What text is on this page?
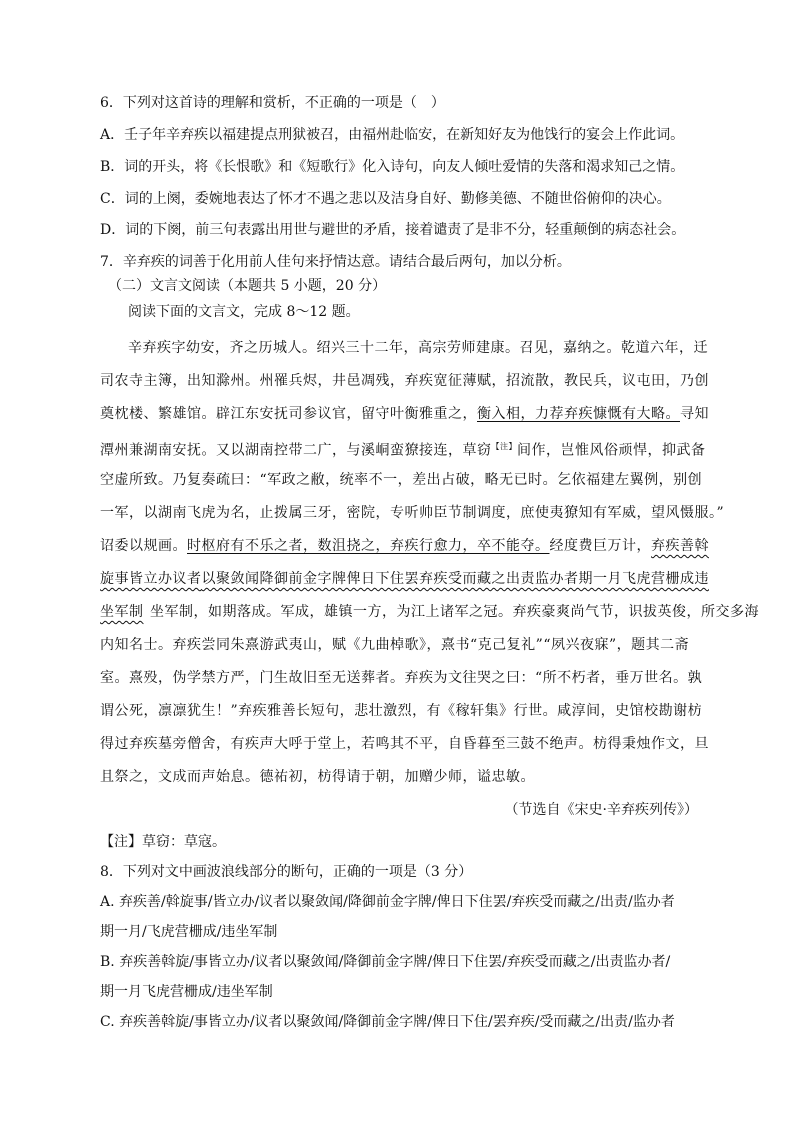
6．下列对这首诗的理解和赏析，不正确的一项是（　）
A．壬子年辛弃疾以福建提点刑狱被召，由福州赴临安，在新知好友为他饯行的宴会上作此词。
B．词的开头，将《长恨歌》和《短歌行》化入诗句，向友人倾吐爱情的失落和渴求知己之情。
C．词的上阕，委婉地表达了怀才不遇之悲以及洁身自好、勤修美德、不随世俗俯仰的决心。
D．词的下阕，前三句表露出用世与避世的矛盾，接着谴责了是非不分，轻重颠倒的病态社会。
7．辛弃疾的词善于化用前人佳句来抒情达意。请结合最后两句，加以分析。
（二）文言文阅读（本题共 5 小题，20 分）
阅读下面的文言文，完成 8～12 题。
辛弃疾字幼安，齐之历城人。绍兴三十二年，高宗劳师建康。召见，嘉纳之。乾道六年，迁
司农寺主簿，出知滁州。州罹兵烬，井邑凋残，弃疾宽征薄赋，招流散，教民兵，议屯田，乃创
奠枕楼、繁雄馆。辟江东安抚司参议官，留守叶衡雅重之，衡入相，力荐弃疾慷慨有大略。寻知
潭州兼湖南安抚。又以湖南控带二广，与溪峒蛮獠接连，草窃$^{【注】}$间作，岂惟风俗顽悍，抑武备
空虚所致。乃复奏疏曰：“军政之敝，统率不一，差出占破，略无已时。乞依福建左翼例，别创
一军，以湖南飞虎为名，止拨属三牙，密院，专听帅臣节制调度，庶使夷獠知有军威，望风慑服。”
诏委以规画。时枢府有不乐之者，数沮挠之，弃疾行愈力，卒不能夺。经度费巨万计，弃疾善斡
旋事皆立办议者以聚敛闻降御前金字牌俾日下住罢弃疾受而藏之出责监办者期一月飞虎营栅成违
坐军制 坐军制，如期落成。军成，雄镇一方，为江上诸军之冠。弃疾豪爽尚气节，识拔英俊，所交多海
内知名士。弃疾尝同朱熹游武夷山，赋《九曲棹歌》，熹书“克己复礼”“夙兴夜寐”，题其二斋
室。熹殁，伪学禁方严，门生故旧至无送葬者。弃疾为文往哭之曰：“所不朽者，垂万世名。孰
谓公死，凛凛犹生！”弃疾雅善长短句，悲壮激烈，有《稼轩集》行世。咸淳间，史馆校勘谢枋
得过弃疾墓旁僧舍，有疾声大呼于堂上，若鸣其不平，自昏暮至三鼓不绝声。枋得秉烛作文，旦
且祭之，文成而声始息。德祐初，枋得请于朝，加赠少师，谥忠敏。
（节选自《宋史·辛弃疾列传》）
【注】草窃：草寇。
8．下列对文中画波浪线部分的断句，正确的一项是（3 分）
A. 弃疾善/斡旋事/皆立办/议者以聚敛闻/降御前金字牌/俾日下住罢/弃疾受而藏之/出责/监办者
期一月/飞虎营栅成/违坐军制
B. 弃疾善斡旋/事皆立办/议者以聚敛闻/降御前金字牌/俾日下住罢/弃疾受而藏之/出责监办者/
期一月飞虎营栅成/违坐军制
C. 弃疾善斡旋/事皆立办/议者以聚敛闻/降御前金字牌/俾日下住/罢弃疾/受而藏之/出责/监办者
